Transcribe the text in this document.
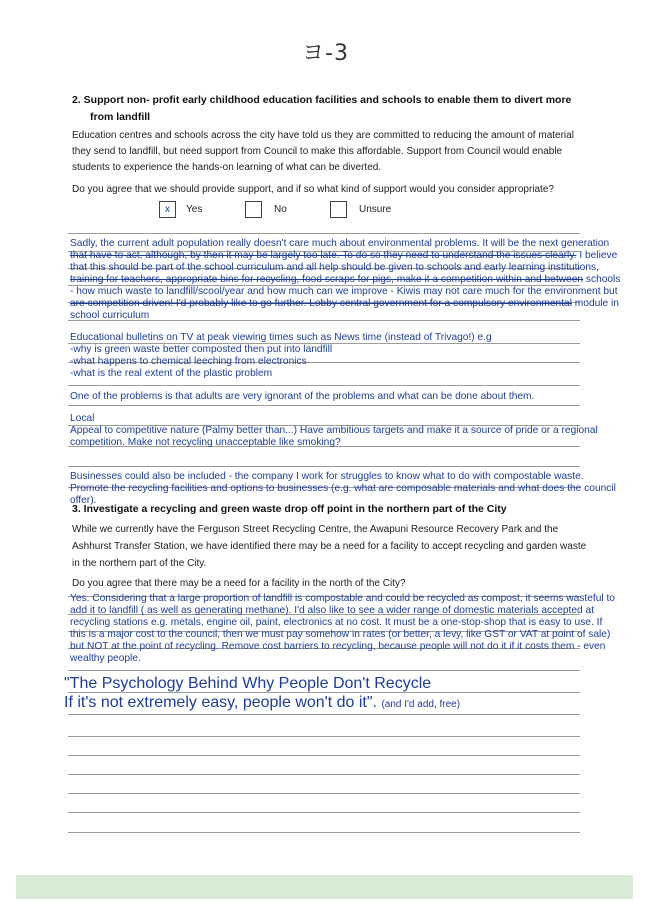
ヨ-3
2. Support non- profit early childhood education facilities and schools to enable them to divert more
from landfill
Education centres and schools across the city have told us they are committed to reducing the amount of material
they send to landfill, but need support from Council to make this affordable. Support from Council would enable
students to experience the hands-on learning of what can be diverted.
Do you agree that we should provide support, and if so what kind of support would you consider appropriate?
x	Yes	No	Unsure
Sadly, the current adult population really doesn't care much about environmental problems. It will be the next generation
that have to act, although, by then it may be largely too late. To do so they need to understand the issues clearly. I believe
that this should be part of the school curriculum and all help should be given to schools and early learning institutions,
training for teachers, appropriate bins for recycling, food scraps for pigs, make it a competition within and between schools
- how much waste to landfill/scool/year and how much can we improve - Kiwis may not care much for the environment but
are competition driven! I'd probably like to go further. Lobby central government for a compulsory environmental module in
school curriculum
Educational bulletins on TV at peak viewing times such as News time (instead of Trivago!) e.g
-why is green waste better composted then put into landfill
-what happens to chemical leeching from electronics
-what is the real extent of the plastic problem
One of the problems is that adults are very ignorant of the problems and what can be done about them.
Local
Appeal to competitive nature (Palmy better than...) Have ambitious targets and make it a source of pride or a regional
competition. Make not recycling unacceptable like smoking?
Businesses could also be included - the company I work for struggles to know what to do with compostable waste.
Promote the recycling facilities and options to businesses (e.g. what are composable materials and what does the council
offer).
3. Investigate a recycling and green waste drop off point in the northern part of the City
While we currently have the Ferguson Street Recycling Centre, the Awapuni Resource Recovery Park and the
Ashhurst Transfer Station, we have identified there may be a need for a facility to accept recycling and garden waste
in the northern part of the City.
Do you agree that there may be a need for a facility in the north of the City?
Yes. Considering that a large proportion of landfill is compostable and could be recycled as compost, it seems wasteful to
add it to landfill ( as well as generating methane). I'd also like to see a wider range of domestic materials accepted at
recycling stations e.g. metals, engine oil, paint, electronics at no cost. It must be a one-stop-shop that is easy to use. If
this is a major cost to the council, then we must pay somehow in rates (or better, a levy, like GST or VAT at point of sale)
but NOT at the point of recycling. Remove cost barriers to recycling, because people will not do it if it costs them - even
wealthy people.
"The Psychology Behind Why People Don't Recycle
If it's not extremely easy, people won't do it". (and I'd add, free)
